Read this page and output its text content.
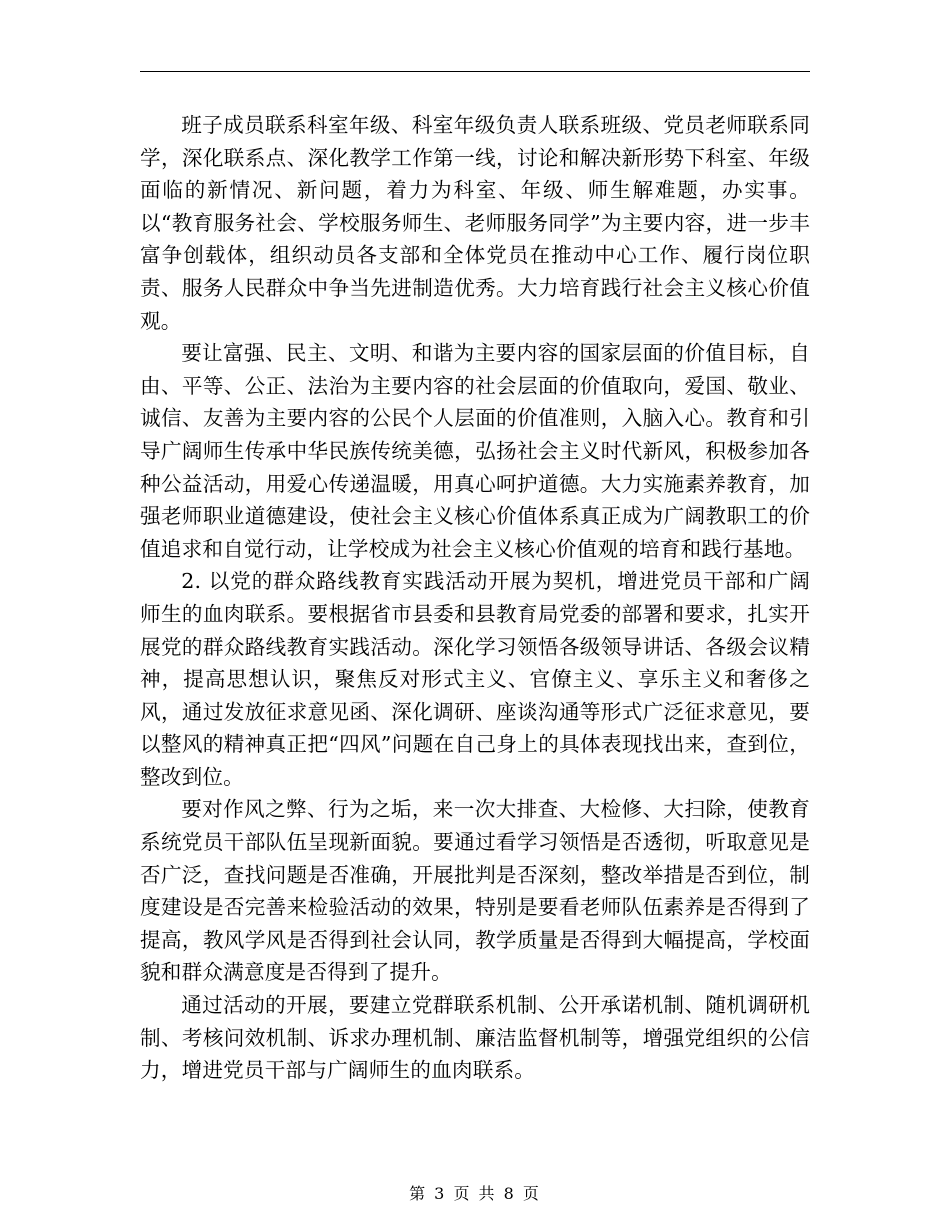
班子成员联系科室年级、科室年级负责人联系班级、党员老师联系同学，深化联系点、深化教学工作第一线，讨论和解决新形势下科室、年级面临的新情况、新问题，着力为科室、年级、师生解难题，办实事。以“教育服务社会、学校服务师生、老师服务同学”为主要内容，进一步丰富争创载体，组织动员各支部和全体党员在推动中心工作、履行岗位职责、服务人民群众中争当先进制造优秀。大力培育践行社会主义核心价值观。

要让富强、民主、文明、和谐为主要内容的国家层面的价值目标，自由、平等、公正、法治为主要内容的社会层面的价值取向，爱国、敬业、诚信、友善为主要内容的公民个人层面的价值准则，入脑入心。教育和引导广阔师生传承中华民族传统美德，弘扬社会主义时代新风，积极参加各种公益活动，用爱心传递温暖，用真心呵护道德。大力实施素养教育，加强老师职业道德建设，使社会主义核心价值体系真正成为广阔教职工的价值追求和自觉行动，让学校成为社会主义核心价值观的培育和践行基地。

2. 以党的群众路线教育实践活动开展为契机，增进党员干部和广阔师生的血肉联系。要根据省市县委和县教育局党委的部署和要求，扎实开展党的群众路线教育实践活动。深化学习领悟各级领导讲话、各级会议精神，提高思想认识，聚焦反对形式主义、官僚主义、享乐主义和奢侈之风，通过发放征求意见函、深化调研、座谈沟通等形式广泛征求意见，要以整风的精神真正把“四风”问题在自己身上的具体表现找出来，查到位，整改到位。

要对作风之弊、行为之垢，来一次大排查、大检修、大扫除，使教育系统党员干部队伍呈现新面貌。要通过看学习领悟是否透彻，听取意见是否广泛，查找问题是否准确，开展批判是否深刻，整改举措是否到位，制度建设是否完善来检验活动的效果，特别是要看老师队伍素养是否得到了提高，教风学风是否得到社会认同，教学质量是否得到大幅提高，学校面貌和群众满意度是否得到了提升。

通过活动的开展，要建立党群联系机制、公开承诺机制、随机调研机制、考核问效机制、诉求办理机制、廉洁监督机制等，增强党组织的公信力，增进党员干部与广阔师生的血肉联系。

第 3 页 共 8 页
